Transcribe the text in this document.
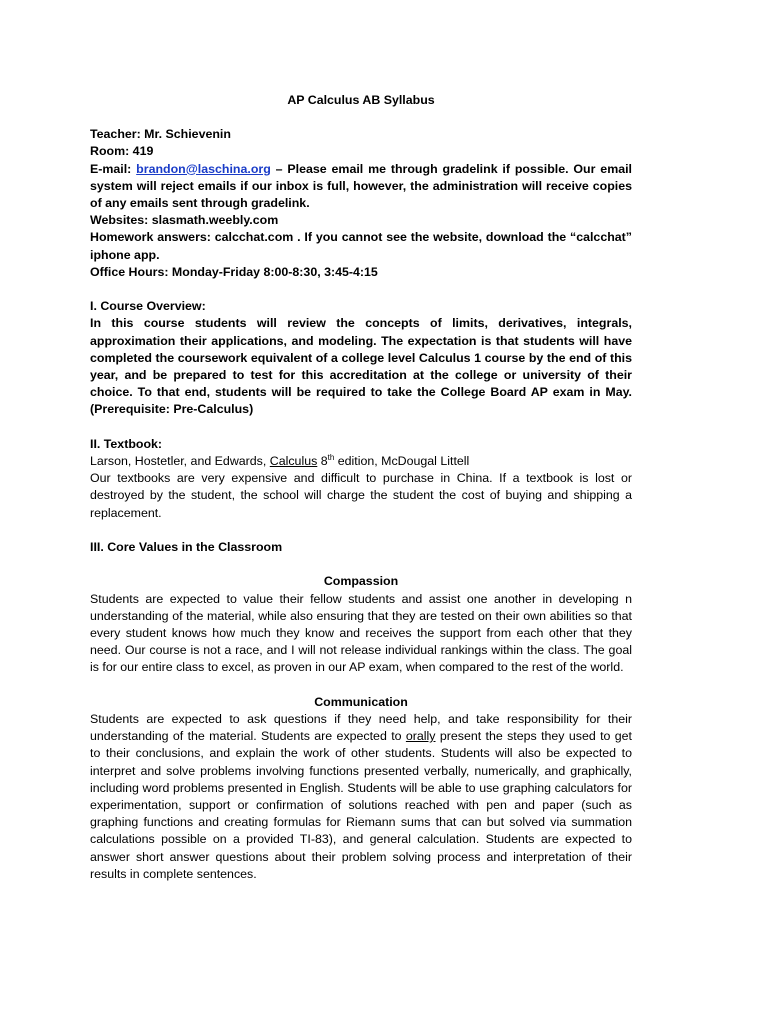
AP Calculus AB Syllabus

Teacher: Mr. Schievenin

Room: 419

E-mail: brandon@laschina.org – Please email me through gradelink if possible. Our email system will reject emails if our inbox is full, however, the administration will receive copies of any emails sent through gradelink.

Websites: slasmath.weebly.com

Homework answers: calcchat.com . If you cannot see the website, download the “calcchat” iphone app.

Office Hours: Monday-Friday 8:00-8:30, 3:45-4:15

I. Course Overview:

In this course students will review the concepts of limits, derivatives, integrals, approximation their applications, and modeling. The expectation is that students will have completed the coursework equivalent of a college level Calculus 1 course by the end of this year, and be prepared to test for this accreditation at the college or university of their choice. To that end, students will be required to take the College Board AP exam in May. (Prerequisite: Pre-Calculus)

II. Textbook:

Larson, Hostetler, and Edwards, Calculus 8th edition, McDougal Littell

Our textbooks are very expensive and difficult to purchase in China. If a textbook is lost or destroyed by the student, the school will charge the student the cost of buying and shipping a replacement.

III. Core Values in the Classroom

Compassion

Students are expected to value their fellow students and assist one another in developing n understanding of the material, while also ensuring that they are tested on their own abilities so that every student knows how much they know and receives the support from each other that they need. Our course is not a race, and I will not release individual rankings within the class. The goal is for our entire class to excel, as proven in our AP exam, when compared to the rest of the world.

Communication

Students are expected to ask questions if they need help, and take responsibility for their understanding of the material. Students are expected to orally present the steps they used to get to their conclusions, and explain the work of other students. Students will also be expected to interpret and solve problems involving functions presented verbally, numerically, and graphically, including word problems presented in English. Students will be able to use graphing calculators for experimentation, support or confirmation of solutions reached with pen and paper (such as graphing functions and creating formulas for Riemann sums that can but solved via summation calculations possible on a provided TI-83), and general calculation. Students are expected to answer short answer questions about their problem solving process and interpretation of their results in complete sentences.
